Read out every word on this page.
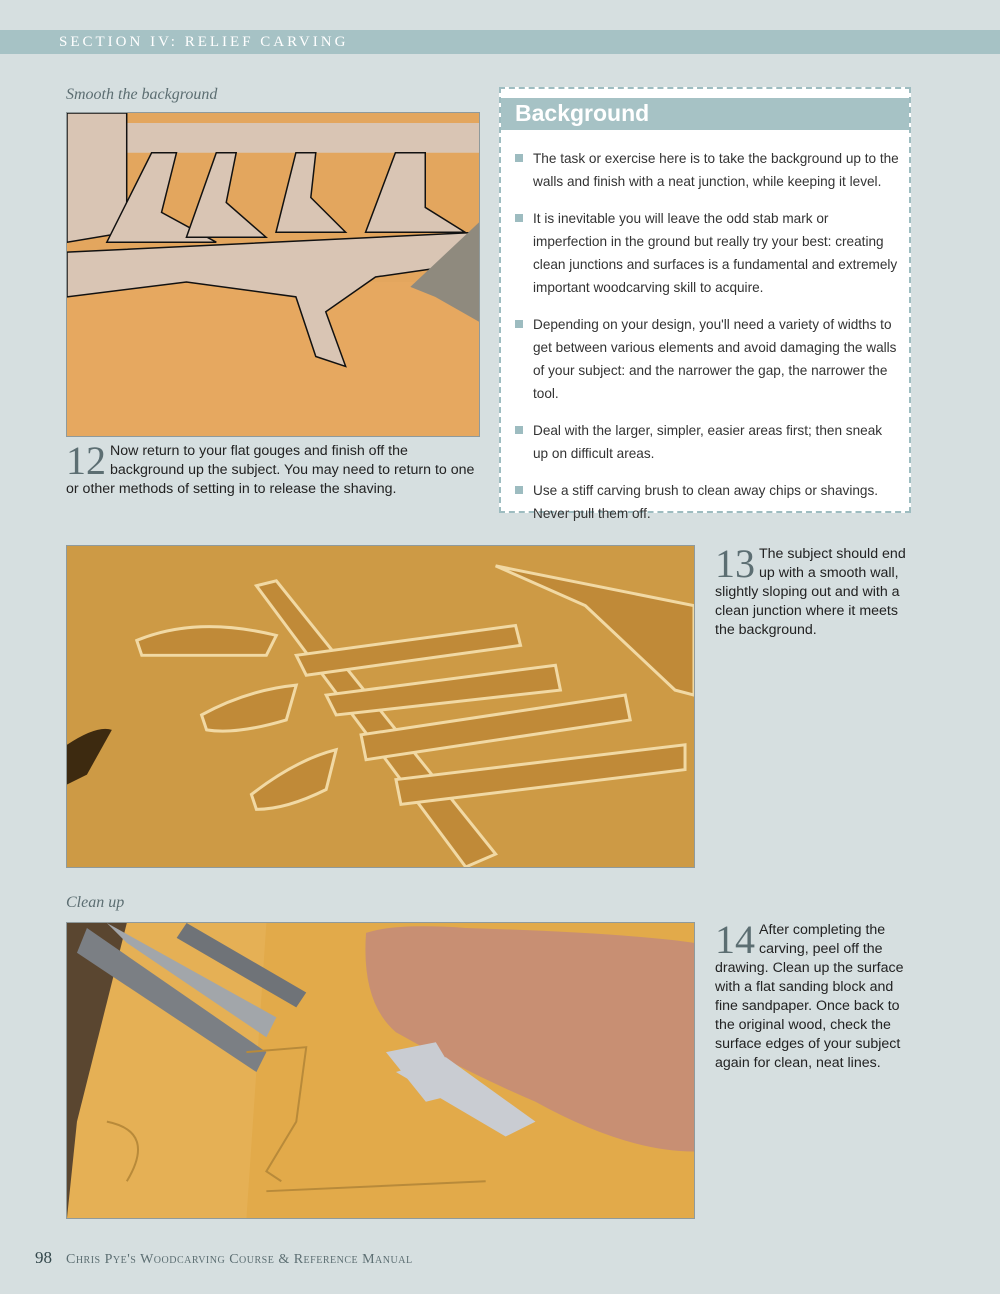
SECTION IV: RELIEF CARVING
Smooth the background
12 Now return to your flat gouges and finish off the background up the subject. You may need to return to one or other methods of setting in to release the shaving.
Background
The task or exercise here is to take the background up to the walls and finish with a neat junction, while keeping it level.
It is inevitable you will leave the odd stab mark or imperfection in the ground but really try your best: creating clean junctions and surfaces is a fundamental and extremely important woodcarving skill to acquire.
Depending on your design, you'll need a variety of widths to get between various elements and avoid damaging the walls of your subject: and the narrower the gap, the narrower the tool.
Deal with the larger, simpler, easier areas first; then sneak up on difficult areas.
Use a stiff carving brush to clean away chips or shavings. Never pull them off.
13 The subject should end up with a smooth wall, slightly sloping out and with a clean junction where it meets the background.
Clean up
14 After completing the carving, peel off the drawing. Clean up the surface with a flat sanding block and fine sandpaper. Once back to the original wood, check the surface edges of your subject again for clean, neat lines.
98 Chris Pye's Woodcarving Course & Reference Manual
